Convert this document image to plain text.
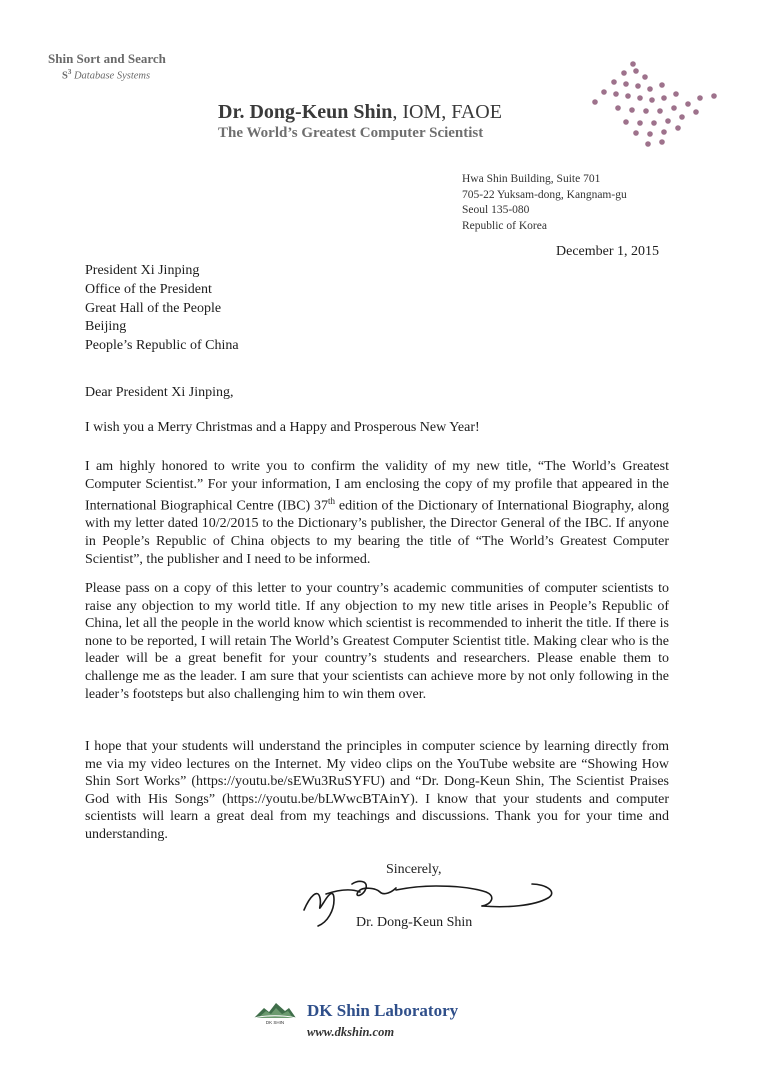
Shin Sort and Search
$S^3$ Database Systems
Dr. Dong-Keun Shin, IOM, FAOE
The World’s Greatest Computer Scientist
Hwa Shin Building, Suite 701
705-22 Yuksam-dong, Kangnam-gu
Seoul 135-080
Republic of Korea
December 1, 2015
President Xi Jinping
Office of the President
Great Hall of the People
Beijing
People’s Republic of China
Dear President Xi Jinping,
I wish you a Merry Christmas and a Happy and Prosperous New Year!
I am highly honored to write you to confirm the validity of my new title, “The World’s Greatest Computer Scientist.” For your information, I am enclosing the copy of my profile that appeared in the International Biographical Centre (IBC) 37th edition of the Dictionary of International Biography, along with my letter dated 10/2/2015 to the Dictionary’s publisher, the Director General of the IBC. If anyone in People’s Republic of China objects to my bearing the title of “The World’s Greatest Computer Scientist”, the publisher and I need to be informed.
Please pass on a copy of this letter to your country’s academic communities of computer scientists to raise any objection to my world title. If any objection to my new title arises in People’s Republic of China, let all the people in the world know which scientist is recommended to inherit the title. If there is none to be reported, I will retain The World’s Greatest Computer Scientist title. Making clear who is the leader will be a great benefit for your country’s students and researchers. Please enable them to challenge me as the leader. I am sure that your scientists can achieve more by not only following in the leader’s footsteps but also challenging him to win them over.
I hope that your students will understand the principles in computer science by learning directly from me via my video lectures on the Internet. My video clips on the YouTube website are “Showing How Shin Sort Works” (https://youtu.be/sEWu3RuSYFU) and “Dr. Dong-Keun Shin, The Scientist Praises God with His Songs” (https://youtu.be/bLWwcBTAinY). I know that your students and computer scientists will learn a great deal from my teachings and discussions. Thank you for your time and understanding.
Sincerely,
Dr. Dong-Keun Shin
DK SHIN
DK Shin Laboratory
www.dkshin.com
